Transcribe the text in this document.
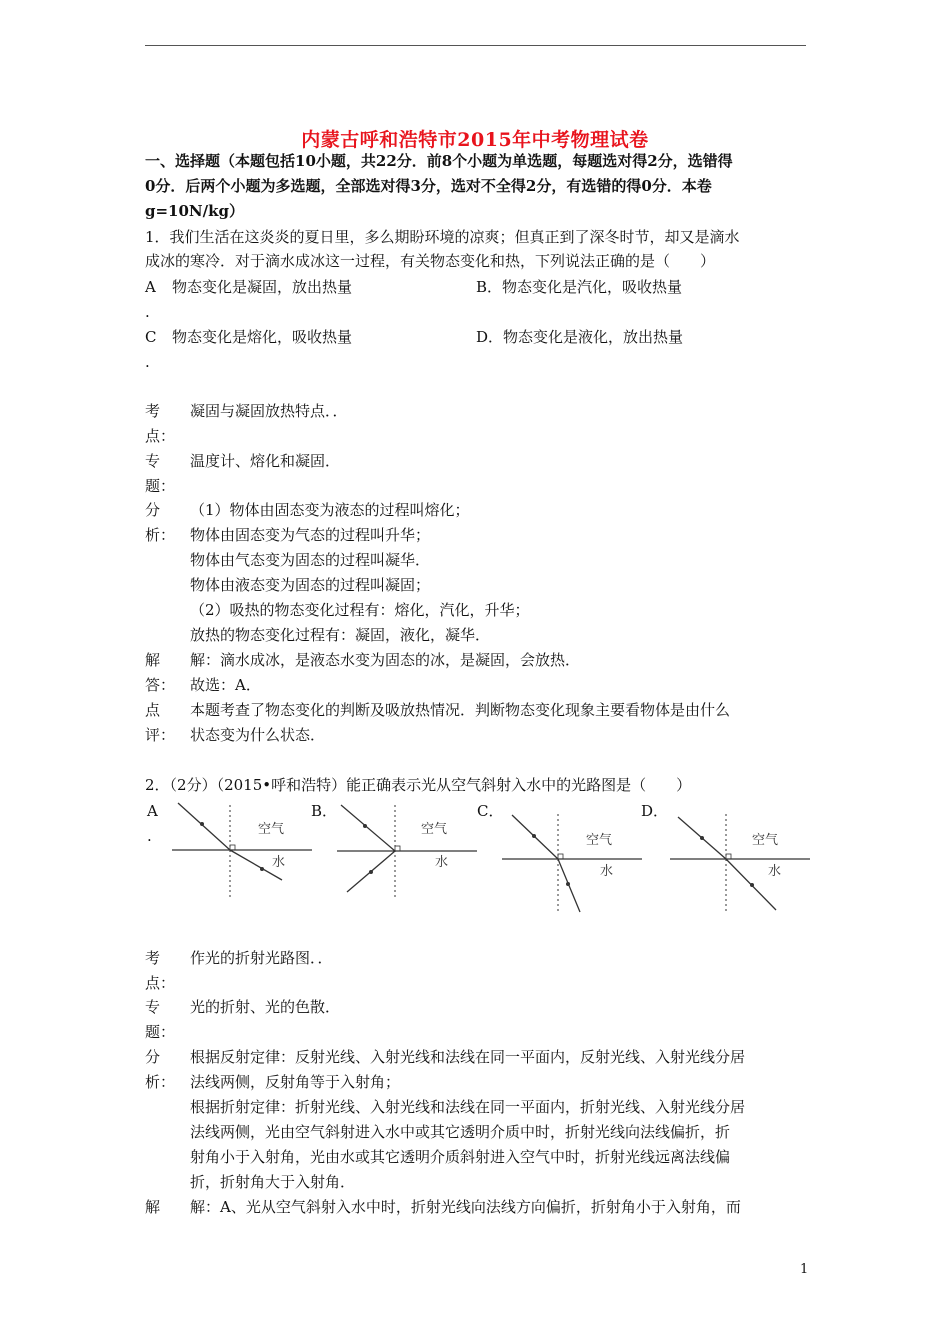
内蒙古呼和浩特市2015年中考物理试卷
一、选择题（本题包括10小题，共22分．前8个小题为单选题，每题选对得2分，选错得
0分．后两个小题为多选题，全部选对得3分，选对不全得2分，有选错的得0分．本卷
g=10N/kg）
1．我们生活在这炎炎的夏日里，多么期盼环境的凉爽；但真正到了深冬时节，却又是滴水
成冰的寒冷．对于滴水成冰这一过程，有关物态变化和热，下列说法正确的是（　　）
A 物态变化是凝固，放出热量	B．物态变化是汽化，吸收热量
.
C 物态变化是熔化，吸收热量	D．物态变化是液化，放出热量
.
考
点：
凝固与凝固放热特点．．
专
题：
温度计、熔化和凝固．
分
析：
（1）物体由固态变为液态的过程叫熔化；
物体由固态变为气态的过程叫升华；
物体由气态变为固态的过程叫凝华．
物体由液态变为固态的过程叫凝固；
（2）吸热的物态变化过程有：熔化，汽化，升华；
放热的物态变化过程有：凝固，液化，凝华．
解
答：
解：滴水成冰，是液态水变为固态的冰，是凝固，会放热．
故选：A．
点
评：
本题考查了物态变化的判断及吸放热情况．判断物态变化现象主要看物体是由什么
状态变为什么状态．
2．（2分）（2015•呼和浩特）能正确表示光从空气斜射入水中的光路图是（　　）
A
.
B．	C．	D．
空气
水
空气
水
空气
水
空气
水
考
点：
作光的折射光路图．．
专
题：
光的折射、光的色散．
分
析：
根据反射定律：反射光线、入射光线和法线在同一平面内，反射光线、入射光线分居
法线两侧，反射角等于入射角；
根据折射定律：折射光线、入射光线和法线在同一平面内，折射光线、入射光线分居
法线两侧，光由空气斜射进入水中或其它透明介质中时，折射光线向法线偏折，折
射角小于入射角，光由水或其它透明介质斜射进入空气中时，折射光线远离法线偏
折，折射角大于入射角．
解 解：A、光从空气斜射入水中时，折射光线向法线方向偏折，折射角小于入射角，而
1
